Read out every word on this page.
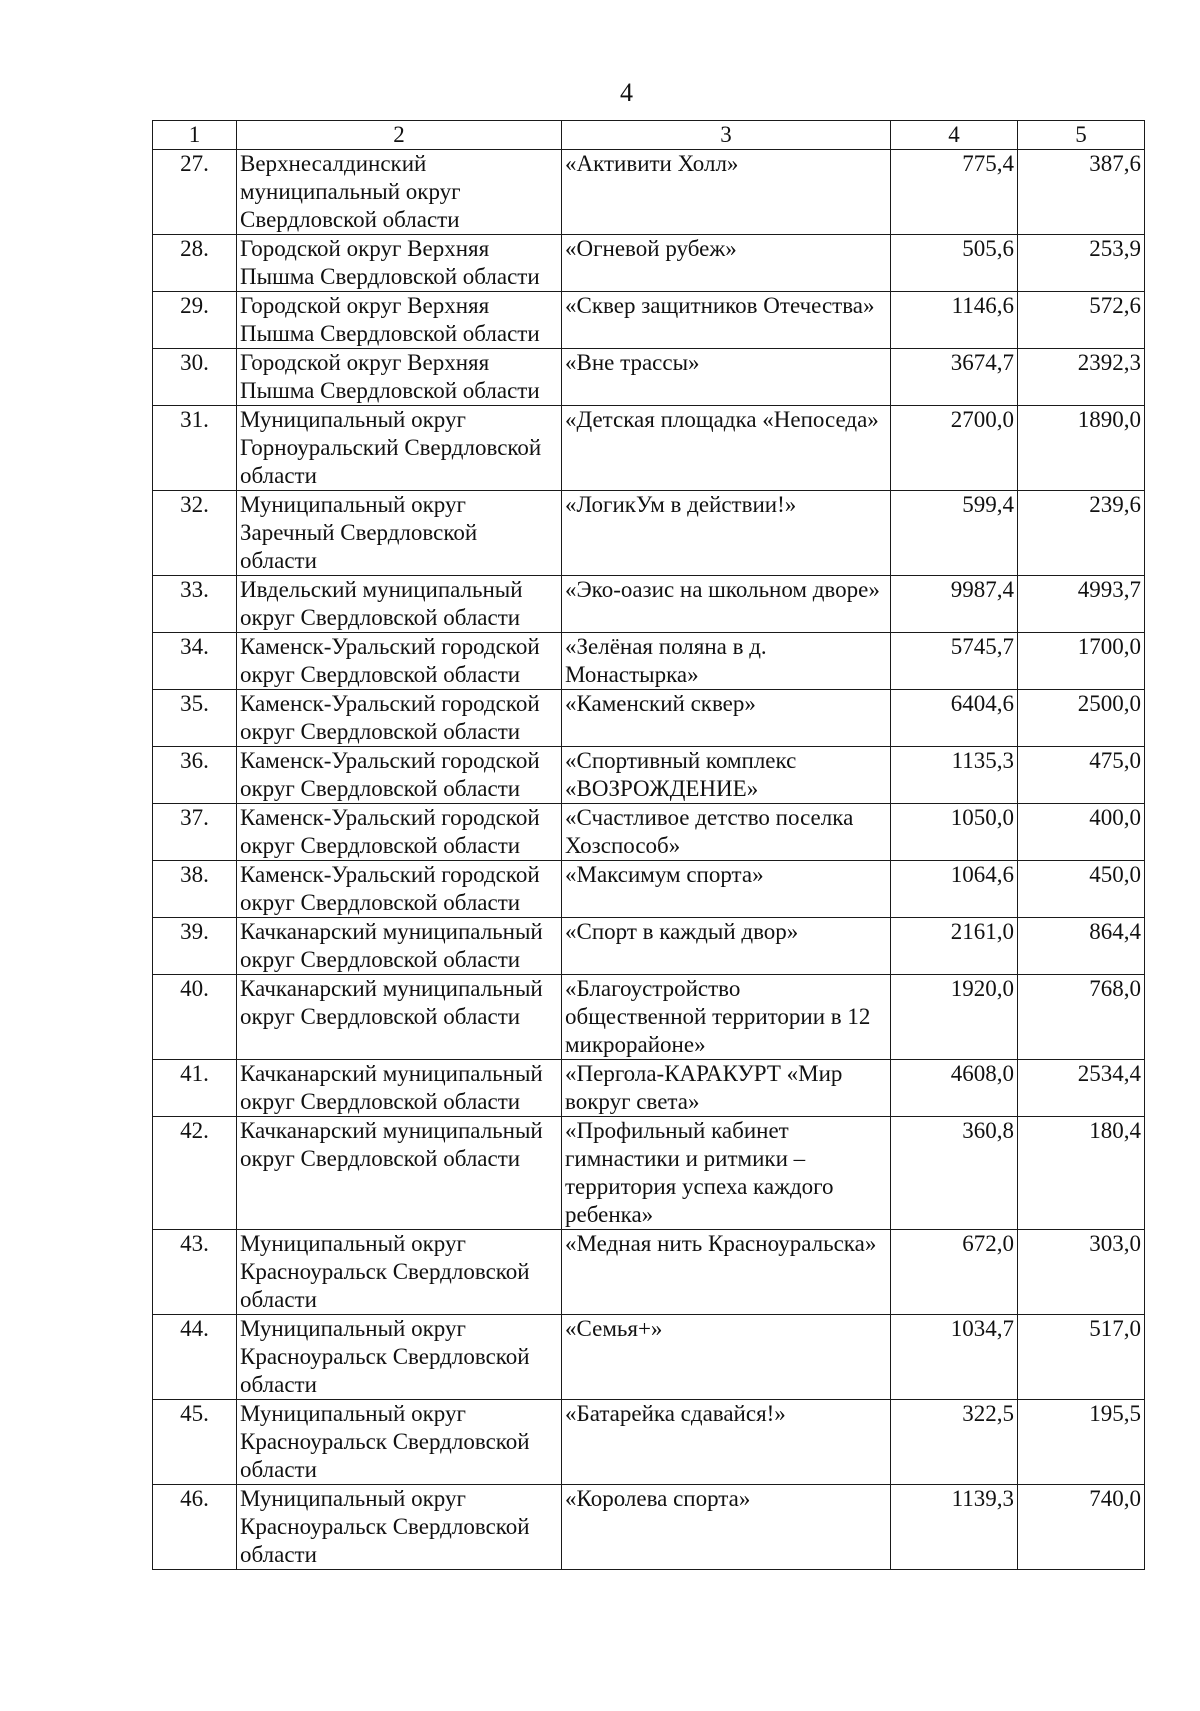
4
1	2	3	4	5
27.	Верхнесалдинский муниципальный округ Свердловской области	«Активити Холл»	775,4	387,6
28.	Городской округ Верхняя Пышма Свердловской области	«Огневой рубеж»	505,6	253,9
29.	Городской округ Верхняя Пышма Свердловской области	«Сквер защитников Отечества»	1146,6	572,6
30.	Городской округ Верхняя Пышма Свердловской области	«Вне трассы»	3674,7	2392,3
31.	Муниципальный округ Горноуральский Свердловской области	«Детская площадка «Непоседа»	2700,0	1890,0
32.	Муниципальный округ Заречный Свердловской области	«ЛогикУм в действии!»	599,4	239,6
33.	Ивдельский муниципальный округ Свердловской области	«Эко-оазис на школьном дворе»	9987,4	4993,7
34.	Каменск-Уральский городской округ Свердловской области	«Зелёная поляна в д. Монастырка»	5745,7	1700,0
35.	Каменск-Уральский городской округ Свердловской области	«Каменский сквер»	6404,6	2500,0
36.	Каменск-Уральский городской округ Свердловской области	«Спортивный комплекс «ВОЗРОЖДЕНИЕ»	1135,3	475,0
37.	Каменск-Уральский городской округ Свердловской области	«Счастливое детство поселка Хозспособ»	1050,0	400,0
38.	Каменск-Уральский городской округ Свердловской области	«Максимум спорта»	1064,6	450,0
39.	Качканарский муниципальный округ Свердловской области	«Спорт в каждый двор»	2161,0	864,4
40.	Качканарский муниципальный округ Свердловской области	«Благоустройство общественной территории в 12 микрорайоне»	1920,0	768,0
41.	Качканарский муниципальный округ Свердловской области	«Пергола-КАРАКУРТ «Мир вокруг света»	4608,0	2534,4
42.	Качканарский муниципальный округ Свердловской области	«Профильный кабинет гимнастики и ритмики – территория успеха каждого ребенка»	360,8	180,4
43.	Муниципальный округ Красноуральск Свердловской области	«Медная нить Красноуральска»	672,0	303,0
44.	Муниципальный округ Красноуральск Свердловской области	«Семья+»	1034,7	517,0
45.	Муниципальный округ Красноуральск Свердловской области	«Батарейка сдавайся!»	322,5	195,5
46.	Муниципальный округ Красноуральск Свердловской области	«Королева спорта»	1139,3	740,0
